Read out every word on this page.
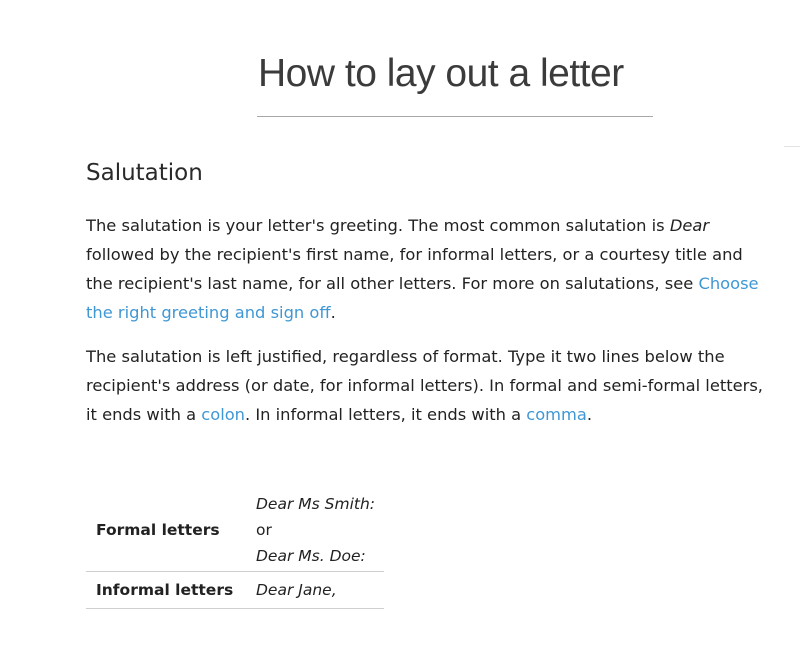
How to lay out a letter
Salutation

The salutation is your letter's greeting. The most common salutation is Dear
followed by the recipient's first name, for informal letters, or a courtesy title and
the recipient's last name, for all other letters. For more on salutations, see Choose
the right greeting and sign off.

The salutation is left justified, regardless of format. Type it two lines below the
recipient's address (or date, for informal letters). In formal and semi-formal letters,
it ends with a colon. In informal letters, it ends with a comma.

Formal letters	Dear Ms Smith:
or
Dear Ms. Doe:

Informal letters	Dear Jane,
